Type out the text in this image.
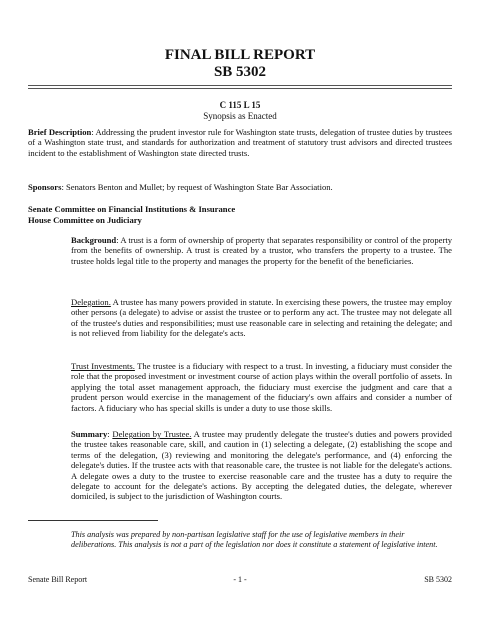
FINAL BILL REPORT
SB 5302
C 115 L 15
Synopsis as Enacted
Brief Description: Addressing the prudent investor rule for Washington state trusts, delegation of trustee duties by trustees of a Washington state trust, and standards for authorization and treatment of statutory trust advisors and directed trustees incident to the establishment of Washington state directed trusts.
Sponsors: Senators Benton and Mullet; by request of Washington State Bar Association.
Senate Committee on Financial Institutions & Insurance
House Committee on Judiciary
Background: A trust is a form of ownership of property that separates responsibility or control of the property from the benefits of ownership. A trust is created by a trustor, who transfers the property to a trustee. The trustee holds legal title to the property and manages the property for the benefit of the beneficiaries.
Delegation. A trustee has many powers provided in statute. In exercising these powers, the trustee may employ other persons (a delegate) to advise or assist the trustee or to perform any act. The trustee may not delegate all of the trustee's duties and responsibilities; must use reasonable care in selecting and retaining the delegate; and is not relieved from liability for the delegate's acts.
Trust Investments. The trustee is a fiduciary with respect to a trust. In investing, a fiduciary must consider the role that the proposed investment or investment course of action plays within the overall portfolio of assets. In applying the total asset management approach, the fiduciary must exercise the judgment and care that a prudent person would exercise in the management of the fiduciary's own affairs and consider a number of factors. A fiduciary who has special skills is under a duty to use those skills.
Summary: Delegation by Trustee. A trustee may prudently delegate the trustee's duties and powers provided the trustee takes reasonable care, skill, and caution in (1) selecting a delegate, (2) establishing the scope and terms of the delegation, (3) reviewing and monitoring the delegate's performance, and (4) enforcing the delegate's duties. If the trustee acts with that reasonable care, the trustee is not liable for the delegate's actions. A delegate owes a duty to the trustee to exercise reasonable care and the trustee has a duty to require the delegate to account for the delegate's actions. By accepting the delegated duties, the delegate, wherever domiciled, is subject to the jurisdiction of Washington courts.
This analysis was prepared by non-partisan legislative staff for the use of legislative members in their deliberations. This analysis is not a part of the legislation nor does it constitute a statement of legislative intent.
Senate Bill Report	- 1 -	SB 5302
